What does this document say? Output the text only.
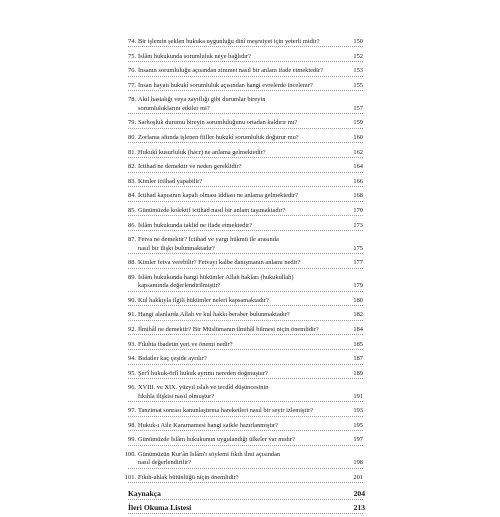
74. Bir işlemin şeklen hukuka uygunluğu dinî meşruiyet için yeterli midir?	150
75. İslâm hukukunda sorumluluk neye bağlıdır?	152
76. İnsanın sorumluluğu açısından zimmet nasıl bir anlam ifade etmektedir?	153
77. İnsan hayatı hukukî sorumluluk açısından hangi evrelerde incelenir?	155
78. Akıl hastalığı veya zayıflığı gibi durumlar bireyin
sorumluluklarını etkiler mi?	157
79. Sarhoşluk durumu bireyin sorumluluğunu ortadan kaldırır mı?	159
80. Zorlama altında işlenen fiiller hukukî sorumluluk doğurur mu?	160
81. Hukukî kusurluluk (hacr) ne anlama gelmektedir?	162
82. İctihad ne demektir ve neden gereklidir?	164
83. Kimler ictihad yapabilir?	166
84. İctihad kapısının kapalı olması iddiası ne anlama gelmektedir?	168
85. Günümüzde kolektif ictihad nasıl bir anlam taşımaktadır?	170
86. İslâm hukukunda taklid ne ifade etmektedir?	173
87. Fetva ne demektir? İctihad ve yargı hükmü ile arasında
nasıl bir ilişki bulunmaktadır?	175
88. Kimler fetva verebilir? Fetvayı kalbe danışmanın anlamı nedir?	177
89. İslâm hukukunda hangi hükümler Allah hakları (hukukullah)
kapsamında değerlendirilmiştir?	179
90. Kul hakkıyla ilgili hükümler neleri kapsamaktadır?	180
91. Hangi alanlarda Allah ve kul hakkı beraber bulunmaktadır?	182
92. İlmihâl ne demektir? Bir Müslümanın ilmihâl bilmesi niçin önemlidir?	184
93. Fıkıhta ibadetin yeri ve önemi nedir?	185
94. Bıdatler kaç çeşide ayrılır?	187
95. Şer'î hukuk-örfî hukuk ayrımı nereden doğmuştur?	189
96. XVIII. ve XIX. yüzyıl ıslah ve tecdîd düşüncesinin
fıkıhla ilişkisi nasıl olmuştur?	191
97. Tanzimat sonrası kanunlaştırma hareketleri nasıl bir seyir izlemiştir?	193
98. Hukuk-ı Aile Kararnamesi hangi saikle hazırlanmıştır?	195
99. Günümüzde İslâm hukukunun uygulandığı ülkeler var mıdır?	197
100. Günümüzün Kur'ân İslâm'ı söylemi fıkıh ilmi açısından
nasıl değerlendirilir?	198
101. Fıkıh-ahlak bütünlüğü niçin önemlidir?	201
Kaynakça	204
İleri Okuma Listesi	213
